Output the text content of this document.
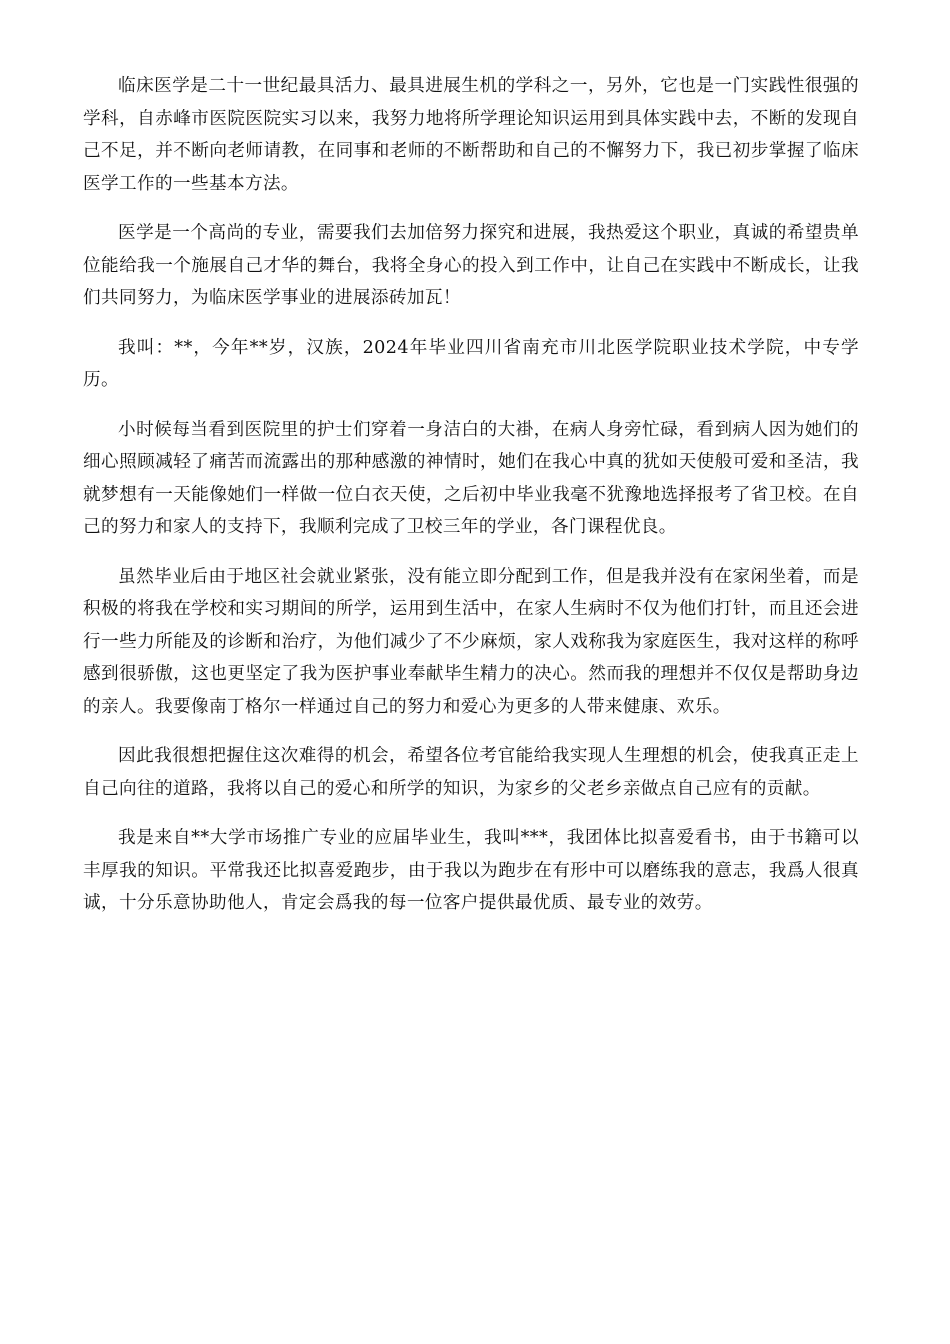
临床医学是二十一世纪最具活力、最具进展生机的学科之一，另外，它也是一门实践性很强的学科，自赤峰市医院医院实习以来，我努力地将所学理论知识运用到具体实践中去，不断的发现自己不足，并不断向老师请教，在同事和老师的不断帮助和自己的不懈努力下，我已初步掌握了临床医学工作的一些基本方法。

医学是一个高尚的专业，需要我们去加倍努力探究和进展，我热爱这个职业，真诚的希望贵单位能给我一个施展自己才华的舞台，我将全身心的投入到工作中，让自己在实践中不断成长，让我们共同努力，为临床医学事业的进展添砖加瓦！

我叫：**，今年**岁，汉族，2024年毕业四川省南充市川北医学院职业技术学院，中专学历。

小时候每当看到医院里的护士们穿着一身洁白的大褂，在病人身旁忙碌，看到病人因为她们的细心照顾减轻了痛苦而流露出的那种感激的神情时，她们在我心中真的犹如天使般可爱和圣洁，我就梦想有一天能像她们一样做一位白衣天使，之后初中毕业我毫不犹豫地选择报考了省卫校。在自己的努力和家人的支持下，我顺利完成了卫校三年的学业，各门课程优良。

虽然毕业后由于地区社会就业紧张，没有能立即分配到工作，但是我并没有在家闲坐着，而是积极的将我在学校和实习期间的所学，运用到生活中，在家人生病时不仅为他们打针，而且还会进行一些力所能及的诊断和治疗，为他们减少了不少麻烦，家人戏称我为家庭医生，我对这样的称呼感到很骄傲，这也更坚定了我为医护事业奉献毕生精力的决心。然而我的理想并不仅仅是帮助身边的亲人。我要像南丁格尔一样通过自己的努力和爱心为更多的人带来健康、欢乐。

因此我很想把握住这次难得的机会，希望各位考官能给我实现人生理想的机会，使我真正走上自己向往的道路，我将以自己的爱心和所学的知识，为家乡的父老乡亲做点自己应有的贡献。

我是来自**大学市场推广专业的应届毕业生，我叫***，我团体比拟喜爱看书，由于书籍可以丰厚我的知识。平常我还比拟喜爱跑步，由于我以为跑步在有形中可以磨练我的意志，我爲人很真诚，十分乐意协助他人，肯定会爲我的每一位客户提供最优质、最专业的效劳。
